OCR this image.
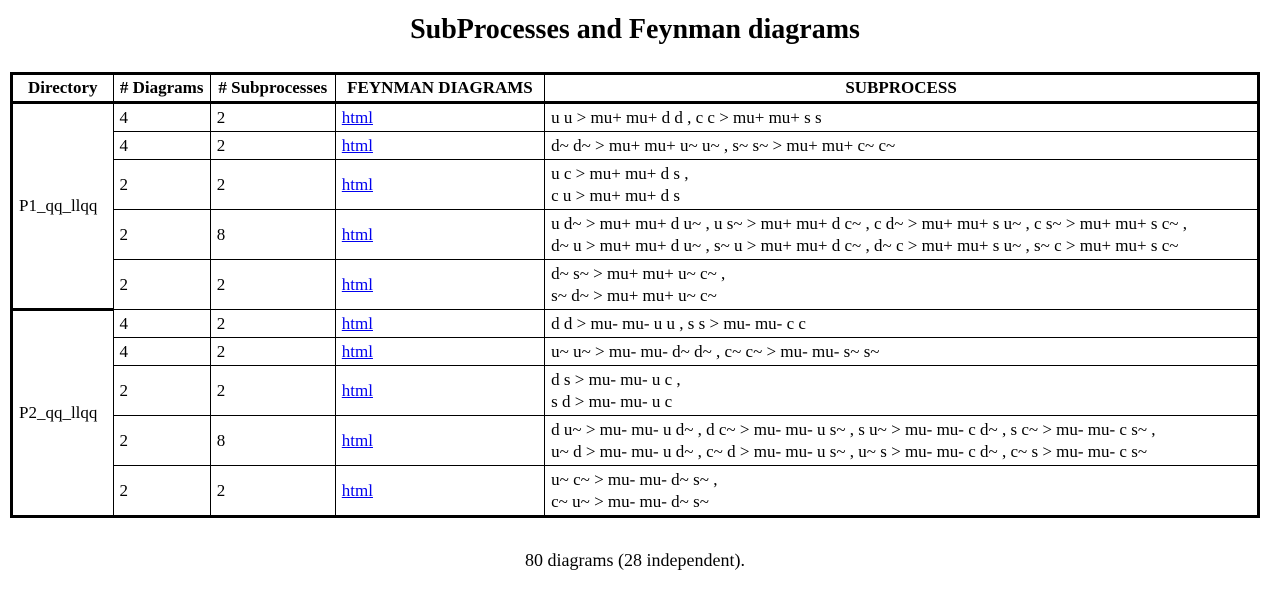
SubProcesses and Feynman diagrams
Directory	# Diagrams	# Subprocesses	FEYNMAN DIAGRAMS	SUBPROCESS
P1_qq_llqq	4	2	html	u u > mu+ mu+ d d , c c > mu+ mu+ s s

	4	2	html	d~ d~ > mu+ mu+ u~ u~ , s~ s~ > mu+ mu+ c~ c~

	2	2	html	u c > mu+ mu+ d s ,
c u > mu+ mu+ d s

	2	8	html	u d~ > mu+ mu+ d u~ , u s~ > mu+ mu+ d c~ , c d~ > mu+ mu+ s u~ , c s~ > mu+ mu+ s c~ ,
d~ u > mu+ mu+ d u~ , s~ u > mu+ mu+ d c~ , d~ c > mu+ mu+ s u~ , s~ c > mu+ mu+ s c~

	2	2	html	d~ s~ > mu+ mu+ u~ c~ ,
s~ d~ > mu+ mu+ u~ c~

P2_qq_llqq	4	2	html	d d > mu- mu- u u , s s > mu- mu- c c

	4	2	html	u~ u~ > mu- mu- d~ d~ , c~ c~ > mu- mu- s~ s~

	2	2	html	d s > mu- mu- u c ,
s d > mu- mu- u c

	2	8	html	d u~ > mu- mu- u d~ , d c~ > mu- mu- u s~ , s u~ > mu- mu- c d~ , s c~ > mu- mu- c s~ ,
u~ d > mu- mu- u d~ , c~ d > mu- mu- u s~ , u~ s > mu- mu- c d~ , c~ s > mu- mu- c s~

	2	2	html	u~ c~ > mu- mu- d~ s~ ,
c~ u~ > mu- mu- d~ s~
80 diagrams (28 independent).
